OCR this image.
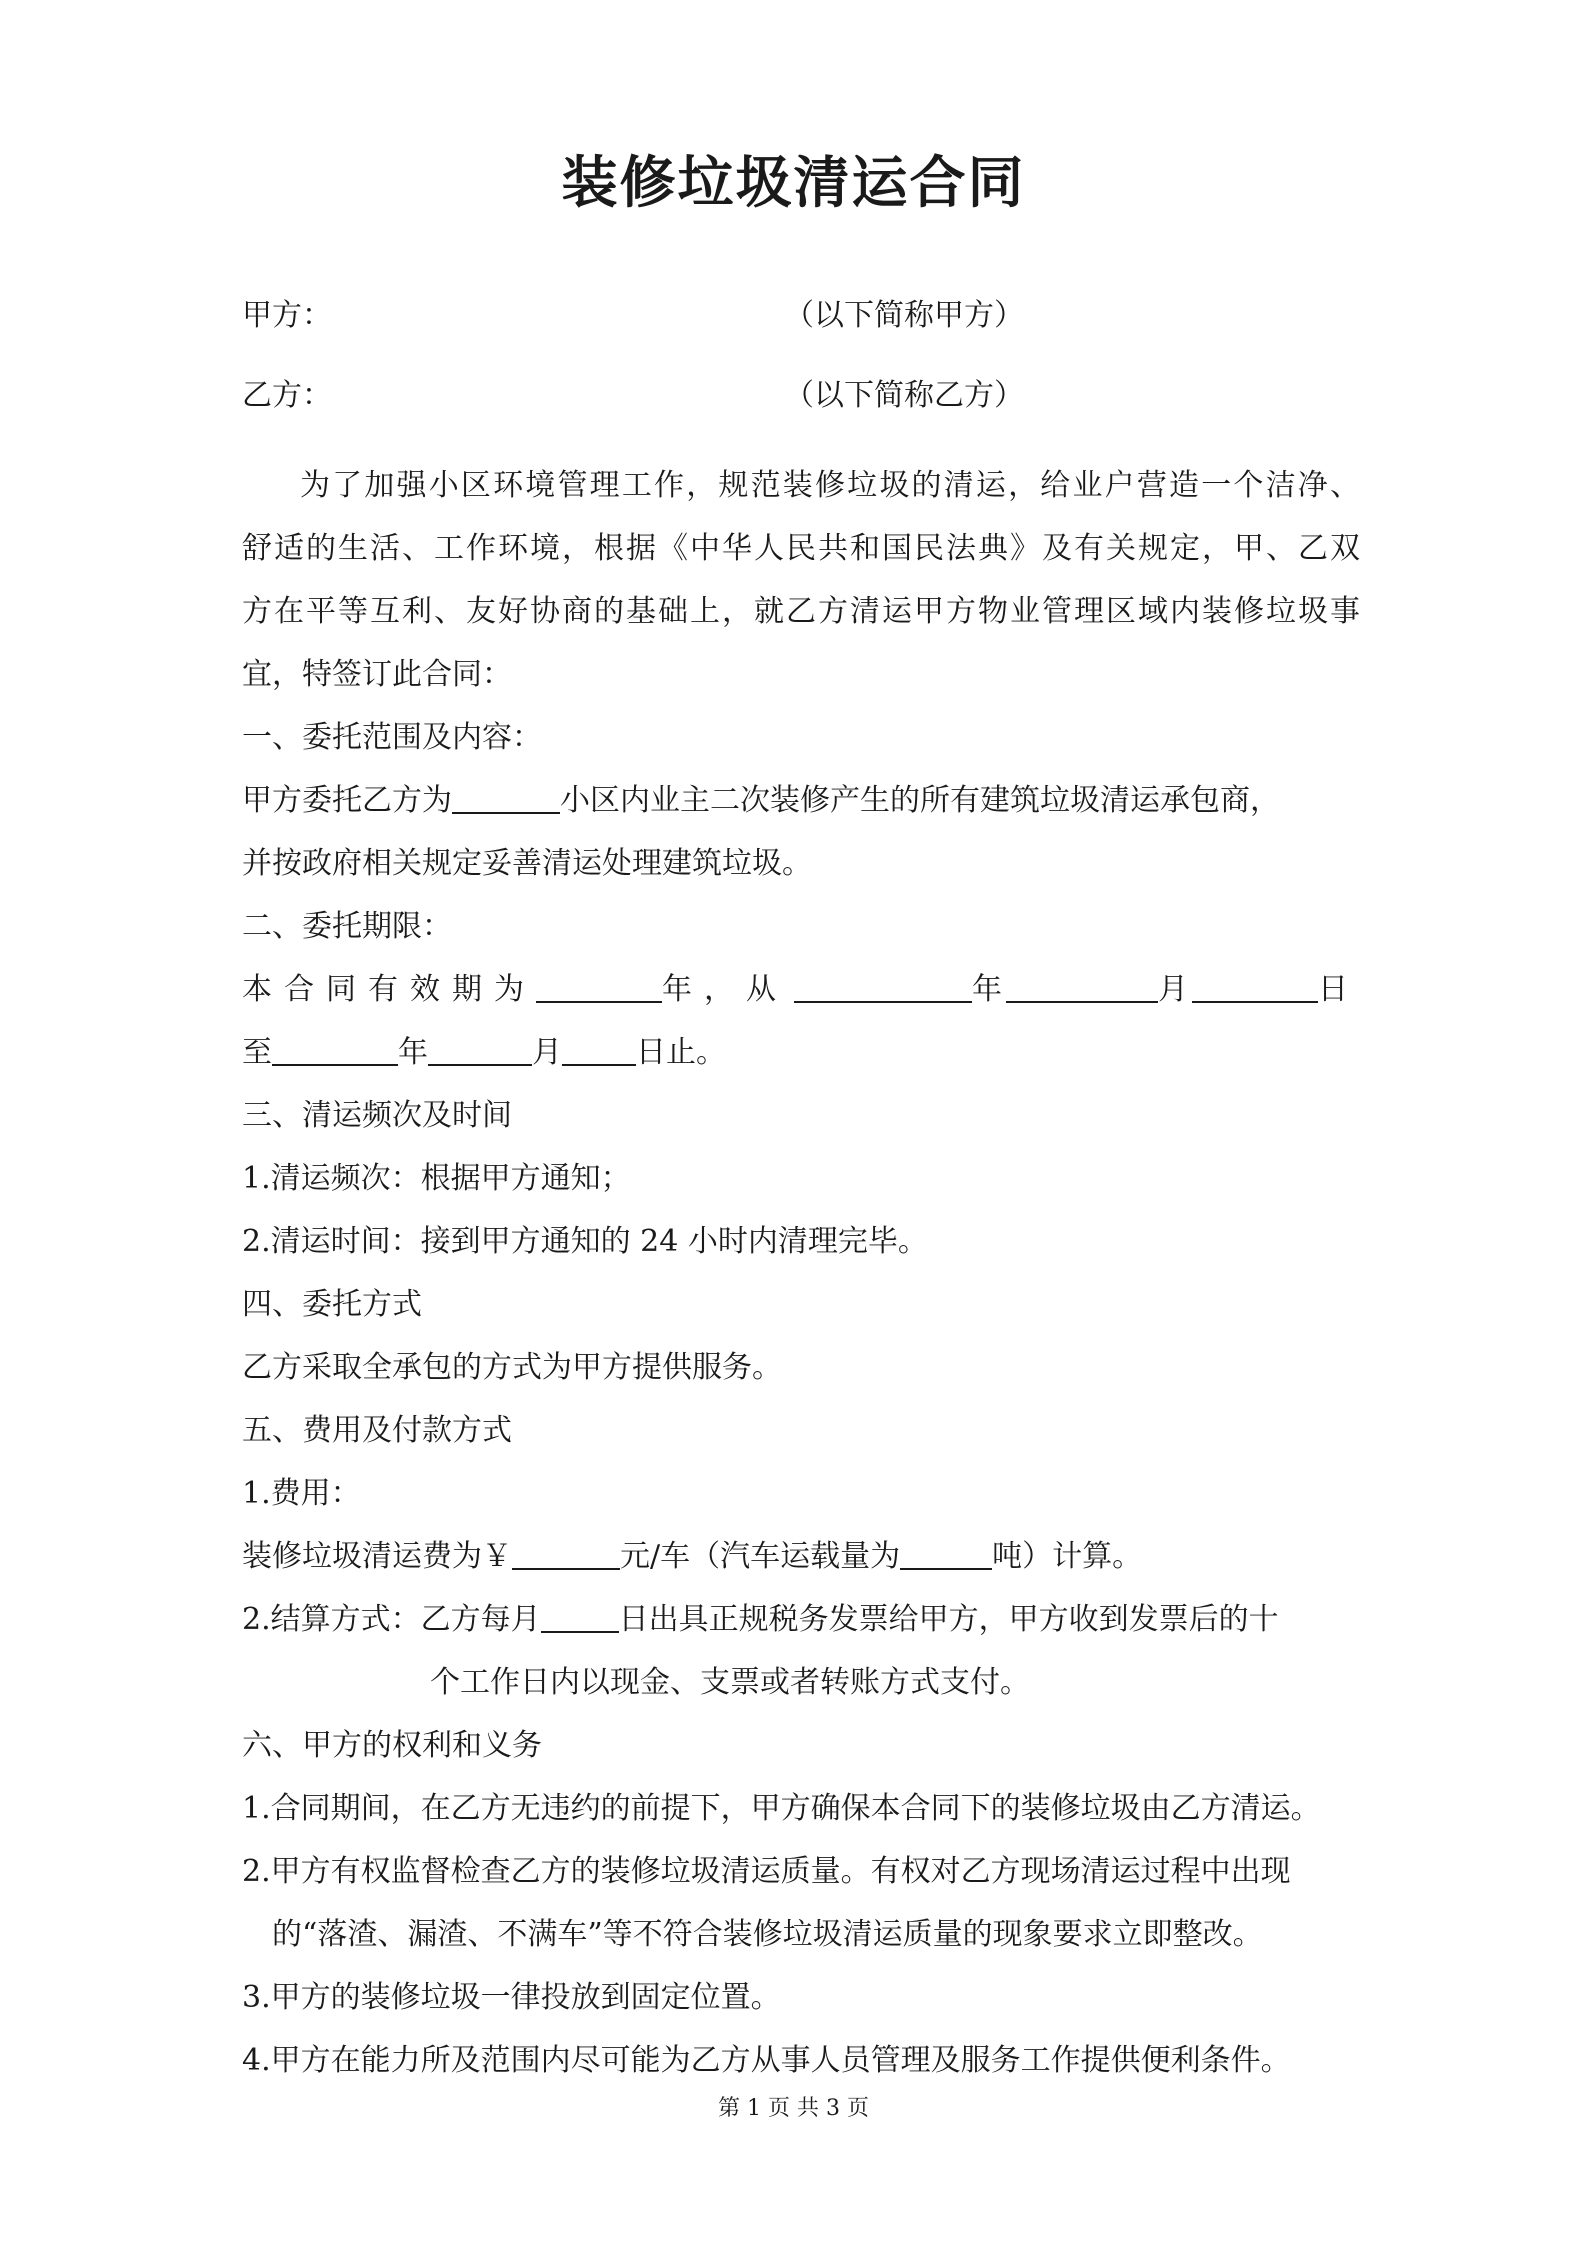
装修垃圾清运合同
甲方：	（以下简称甲方）
乙方：	（以下简称乙方）
为了加强小区环境管理工作，规范装修垃圾的清运，给业户营造一个洁净、
舒适的生活、工作环境，根据《中华人民共和国民法典》及有关规定，甲、乙双
方在平等互利、友好协商的基础上，就乙方清运甲方物业管理区域内装修垃圾事
宜，特签订此合同：
一、委托范围及内容：
甲方委托乙方为	小区内业主二次装修产生的所有建筑垃圾清运承包商，
并按政府相关规定妥善清运处理建筑垃圾。
二、委托期限：
本合同有效期为	年，从	年	月	日
至	年	月 日止。
三、清运频次及时间
1.清运频次：根据甲方通知；
2.清运时间：接到甲方通知的 24 小时内清理完毕。
四、委托方式
乙方采取全承包的方式为甲方提供服务。
五、费用及付款方式
1.费用：
装修垃圾清运费为￥	元/车（汽车运载量为	吨）计算。
2.结算方式：乙方每月	日出具正规税务发票给甲方，甲方收到发票后的十
个工作日内以现金、支票或者转账方式支付。
六、甲方的权利和义务
1.合同期间，在乙方无违约的前提下，甲方确保本合同下的装修垃圾由乙方清运。
2.甲方有权监督检查乙方的装修垃圾清运质量。有权对乙方现场清运过程中出现
的“落渣、漏渣、不满车”等不符合装修垃圾清运质量的现象要求立即整改。
3.甲方的装修垃圾一律投放到固定位置。
4.甲方在能力所及范围内尽可能为乙方从事人员管理及服务工作提供便利条件。
第 1 页 共 3 页
